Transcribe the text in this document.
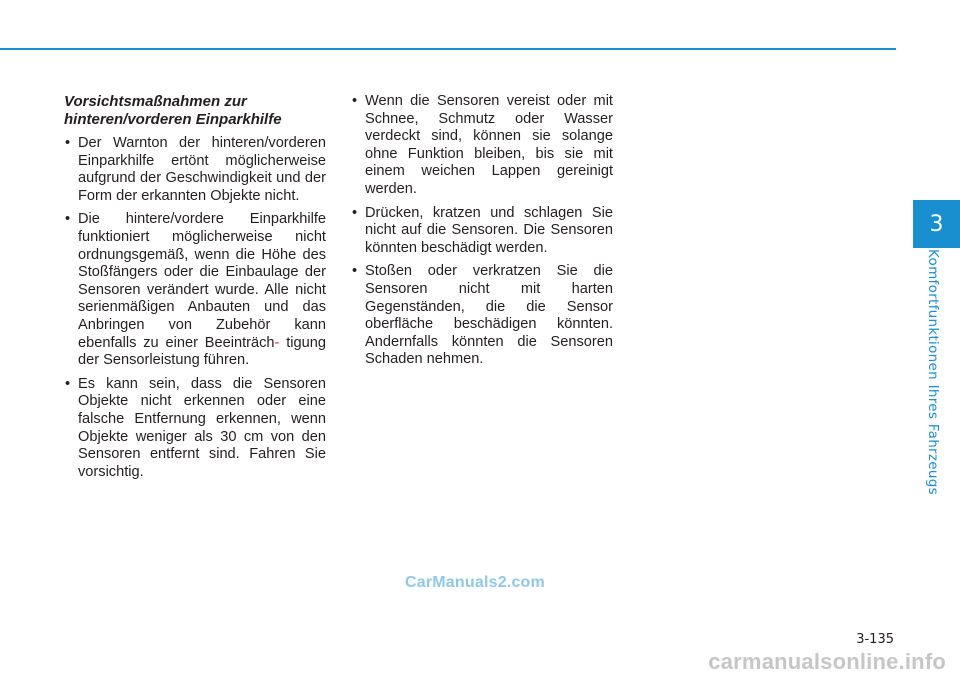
Vorsichtsmaßnahmen zur
hinteren/vorderen Einparkhilfe
• Der Warnton der hinteren/vorderen Einparkhilfe ertönt möglicherweise aufgrund der Geschwindigkeit und der Form der erkannten Objekte nicht.
• Die hintere/vordere Einparkhilfe funktioniert möglicherweise nicht ordnungsgemäß, wenn die Höhe des Stoßfängers oder die Einbaulage der Sensoren verändert wurde. Alle nicht serienmäßigen Anbauten und das Anbringen von Zubehör kann ebenfalls zu einer Beeinträch- tigung der Sensorleistung führen.
• Es kann sein, dass die Sensoren Objekte nicht erkennen oder eine falsche Entfernung erkennen, wenn Objekte weniger als 30 cm von den Sensoren entfernt sind. Fahren Sie vorsichtig.
• Wenn die Sensoren vereist oder mit Schnee, Schmutz oder Wasser verdeckt sind, können sie solange ohne Funktion bleiben, bis sie mit einem weichen Lappen gereinigt werden.
• Drücken, kratzen und schlagen Sie nicht auf die Sensoren. Die Sensoren könnten beschädigt werden.
• Stoßen oder verkratzen Sie die Sensoren nicht mit harten Gegenständen, die die Sensor oberfläche beschädigen könnten. Andernfalls könnten die Sensoren Schaden nehmen.
3
Komfortfunktionen Ihres Fahrzeugs
CarManuals2.com
3-135
carmanualsonline.info
